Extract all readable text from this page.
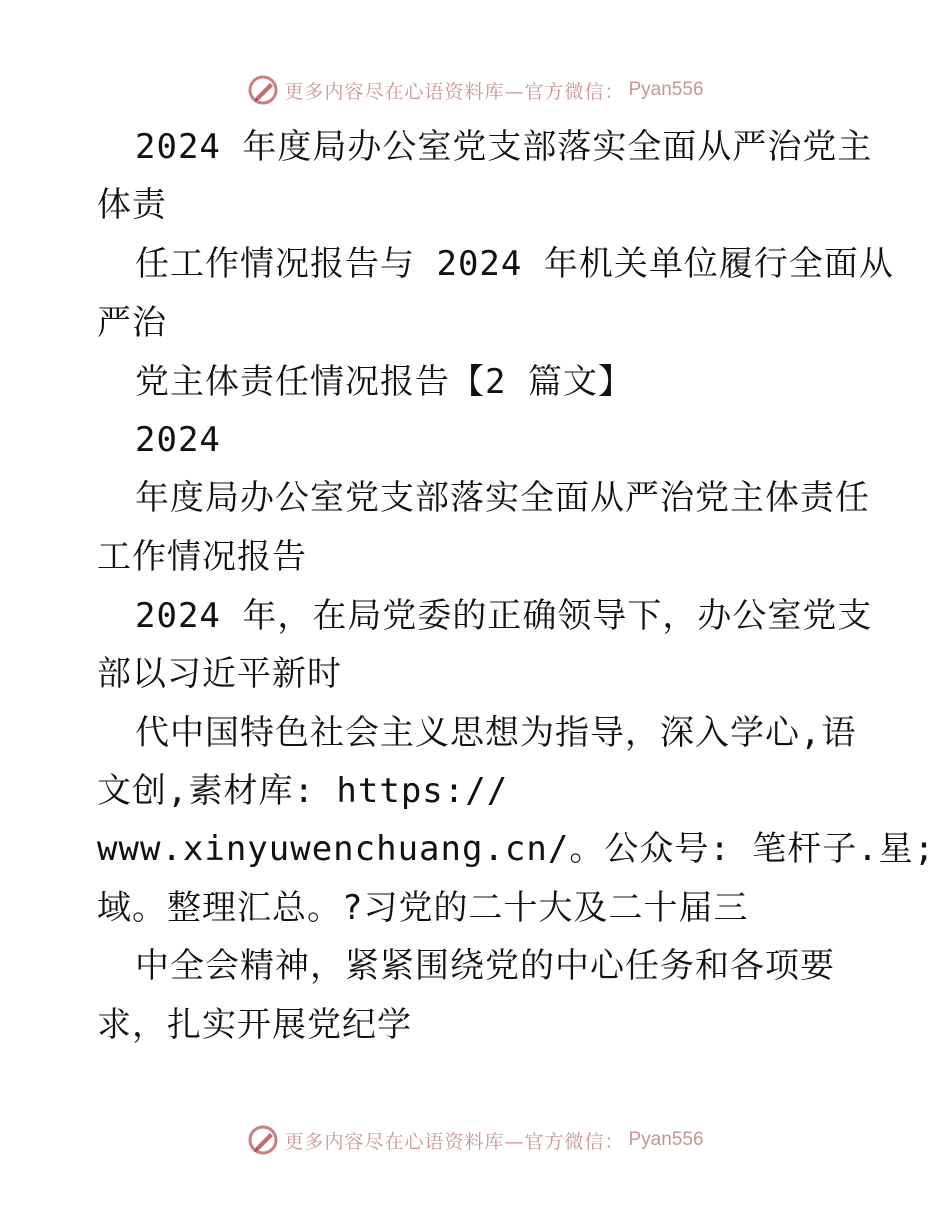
更多内容尽在心语资料库— 官方微信： Pyan556
2024 年度局办公室党支部落实全面从严治党主
体责
任工作情况报告与 2024 年机关单位履行全面从
严治
党主体责任情况报告【2 篇文】
2024
年度局办公室党支部落实全面从严治党主体责任
工作情况报告
2024 年，在局党委的正确领导下，办公室党支
部以习近平新时
代中国特色社会主义思想为指导，深入学心,语
文创,素材库: https://
www.xinyuwenchuang.cn/。公众号: 笔杆子.星;
域。整理汇总。?习党的二十大及二十届三
中全会精神，紧紧围绕党的中心任务和各项要
求，扎实开展党纪学
更多内容尽在心语资料库— 官方微信： Pyan556
